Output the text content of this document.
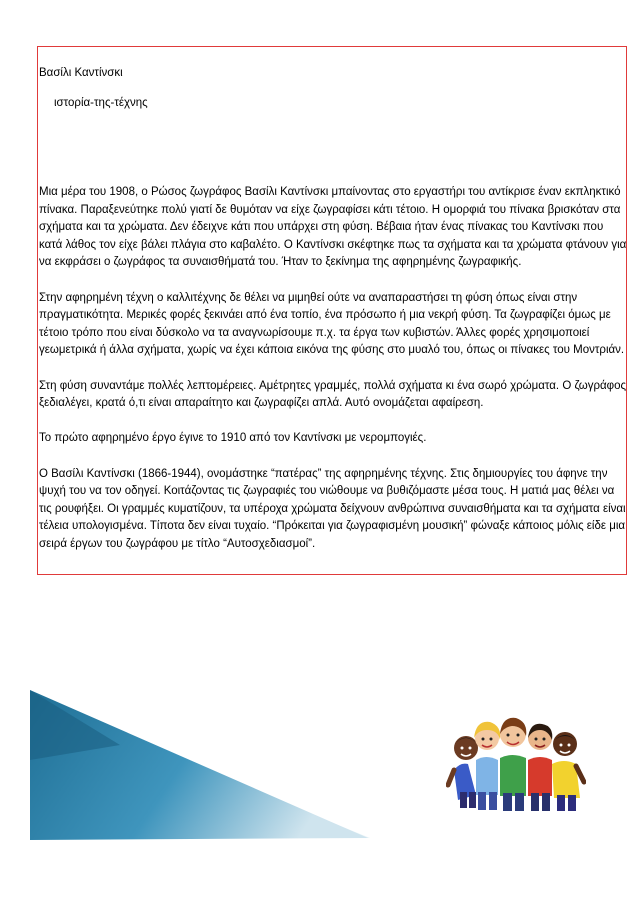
Βασίλι Καντίνσκι
ιστορία-της-τέχνης

Μια μέρα του 1908, ο Ρώσος ζωγράφος Βασίλι Καντίνσκι μπαίνοντας στο εργαστήρι του αντίκρισε έναν εκπληκτικό πίνακα. Παραξενεύτηκε πολύ γιατί δε θυμόταν να είχε ζωγραφίσει κάτι τέτοιο. Η ομορφιά του πίνακα βρισκόταν στα σχήματα και τα χρώματα. Δεν έδειχνε κάτι που υπάρχει στη φύση. Βέβαια ήταν ένας πίνακας του Καντίνσκι που κατά λάθος τον είχε βάλει πλάγια στο καβαλέτο. Ο Καντίνσκι σκέφτηκε πως τα σχήματα και τα χρώματα φτάνουν για να εκφράσει ο ζωγράφος τα συναισθήματά του. Ήταν το ξεκίνημα της αφηρημένης ζωγραφικής.

Στην αφηρημένη τέχνη ο καλλιτέχνης δε θέλει να μιμηθεί ούτε να αναπαραστήσει τη φύση όπως είναι στην πραγματικότητα. Μερικές φορές ξεκινάει από ένα τοπίο, ένα πρόσωπο ή μια νεκρή φύση. Τα ζωγραφίζει όμως με τέτοιο τρόπο που είναι δύσκολο να τα αναγνωρίσουμε π.χ. τα έργα των κυβιστών. Άλλες φορές χρησιμοποιεί γεωμετρικά ή άλλα σχήματα, χωρίς να έχει κάποια εικόνα της φύσης στο μυαλό του, όπως οι πίνακες του Μοντριάν.

Στη φύση συναντάμε πολλές λεπτομέρειες. Αμέτρητες γραμμές, πολλά σχήματα κι ένα σωρό χρώματα. Ο ζωγράφος ξεδιαλέγει, κρατά ό,τι είναι απαραίτητο και ζωγραφίζει απλά. Αυτό ονομάζεται αφαίρεση.

Το πρώτο αφηρημένο έργο έγινε το 1910 από τον Καντίνσκι με νερομπογιές.

Ο Βασίλι Καντίνσκι (1866-1944), ονομάστηκε “πατέρας” της αφηρημένης τέχνης. Στις δημιουργίες του άφηνε την ψυχή του να τον οδηγεί. Κοιτάζοντας τις ζωγραφιές του νιώθουμε να βυθιζόμαστε μέσα τους. Η ματιά μας θέλει να τις ρουφήξει. Οι γραμμές κυματίζουν, τα υπέροχα χρώματα δείχνουν ανθρώπινα συναισθήματα και τα σχήματα είναι τέλεια υπολογισμένα. Τίποτα δεν είναι τυχαίο. “Πρόκειται για ζωγραφισμένη μουσική” φώναξε κάποιος μόλις είδε μια σειρά έργων του ζωγράφου με τίτλο “Αυτοσχεδιασμοί”.
